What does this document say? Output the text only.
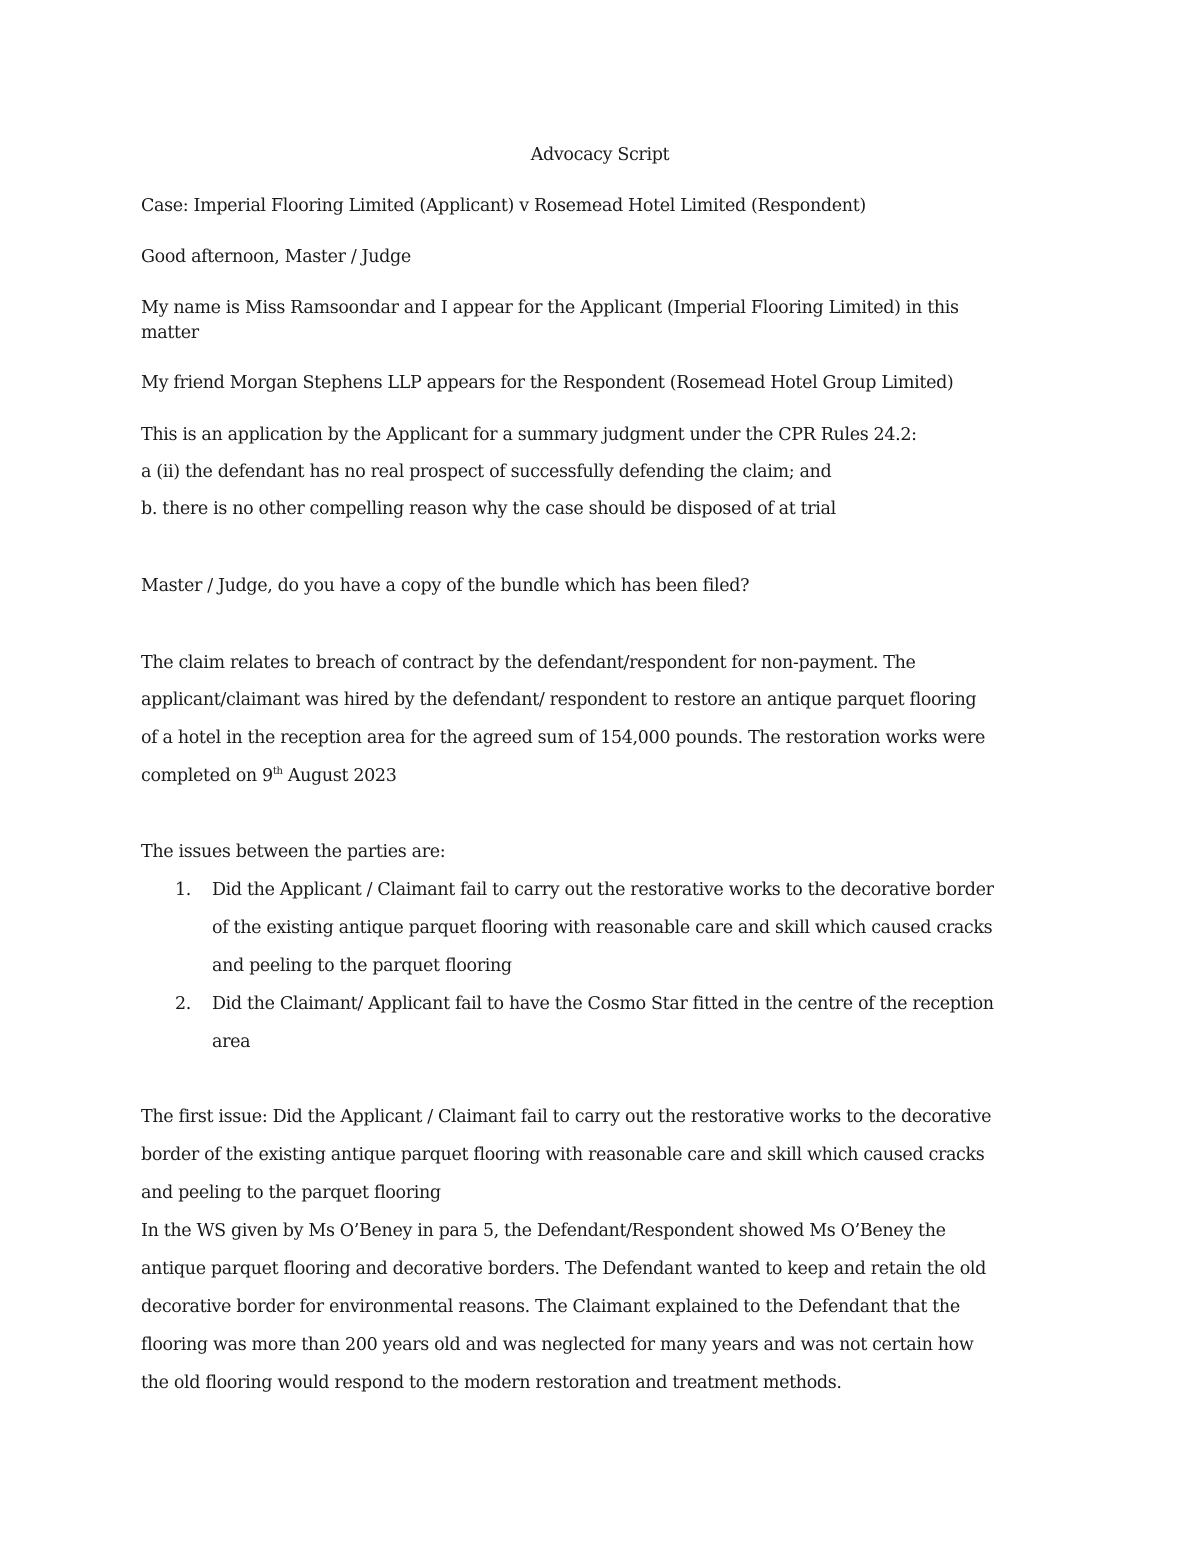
Advocacy Script
Case: Imperial Flooring Limited (Applicant) v Rosemead Hotel Limited (Respondent)
Good afternoon, Master / Judge
My name is Miss Ramsoondar and I appear for the Applicant (Imperial Flooring Limited) in this
matter
My friend Morgan Stephens LLP appears for the Respondent (Rosemead Hotel Group Limited)
This is an application by the Applicant for a summary judgment under the CPR Rules 24.2:
a (ii) the defendant has no real prospect of successfully defending the claim; and
b. there is no other compelling reason why the case should be disposed of at trial
Master / Judge, do you have a copy of the bundle which has been filed?
The claim relates to breach of contract by the defendant/respondent for non-payment. The
applicant/claimant was hired by the defendant/ respondent to restore an antique parquet flooring
of a hotel in the reception area for the agreed sum of 154,000 pounds. The restoration works were
completed on 9th August 2023
The issues between the parties are:
1. Did the Applicant / Claimant fail to carry out the restorative works to the decorative border
of the existing antique parquet flooring with reasonable care and skill which caused cracks
and peeling to the parquet flooring
2. Did the Claimant/ Applicant fail to have the Cosmo Star fitted in the centre of the reception
area
The first issue: Did the Applicant / Claimant fail to carry out the restorative works to the decorative
border of the existing antique parquet flooring with reasonable care and skill which caused cracks
and peeling to the parquet flooring
In the WS given by Ms O’Beney in para 5, the Defendant/Respondent showed Ms O’Beney the
antique parquet flooring and decorative borders. The Defendant wanted to keep and retain the old
decorative border for environmental reasons. The Claimant explained to the Defendant that the
flooring was more than 200 years old and was neglected for many years and was not certain how
the old flooring would respond to the modern restoration and treatment methods.
